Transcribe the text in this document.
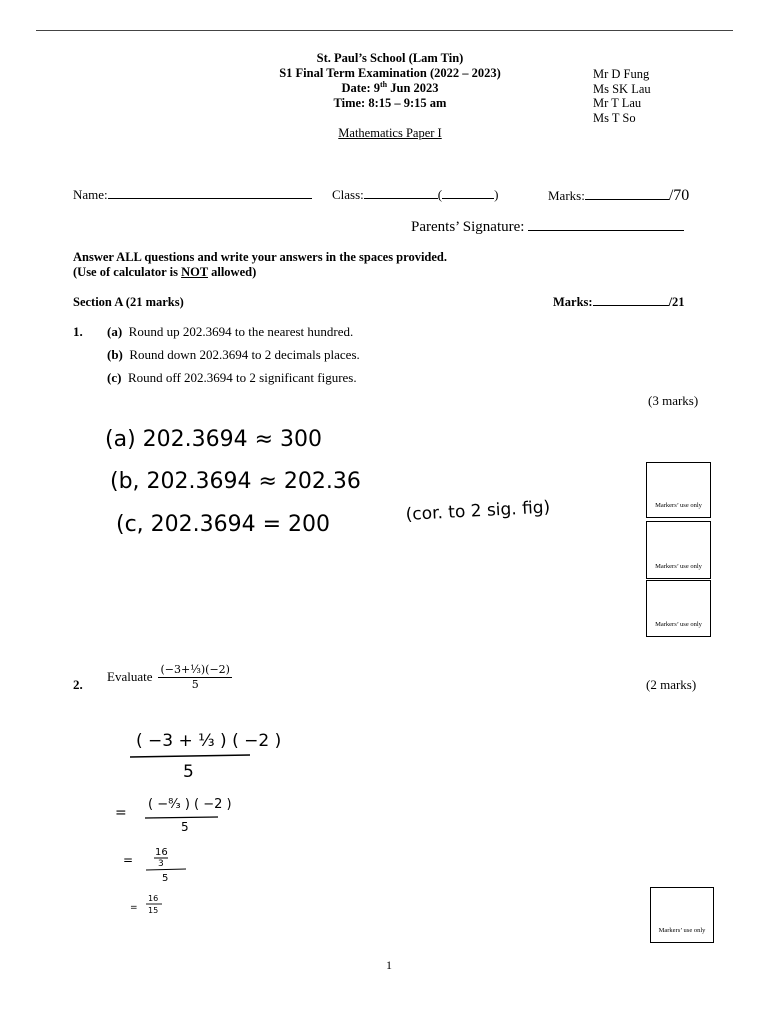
St. Paul’s School (Lam Tin)
S1 Final Term Examination (2022 – 2023)
Date: 9th Jun 2023
Time: 8:15 – 9:15 am
Mr D Fung
Ms SK Lau
Mr T Lau
Ms T So
Mathematics Paper I
Name:	Class:	(	)	Marks:	/70
Parents’ Signature:
Answer ALL questions and write your answers in the spaces provided.
(Use of calculator is NOT allowed)
Section A (21 marks)	Marks:	/21
1. (a) Round up 202.3694 to the nearest hundred.
(b) Round down 202.3694 to 2 decimals places.
(c) Round off 202.3694 to 2 significant figures.
(3 marks)
(a) 202.3694 ≈ 300
(b, 202.3694 ≈ 202.36
(c, 202.3694 = 200	(cor. to 2 sig. fig)	Markers’ use only
Markers’ use only
Markers’ use only
2.
Evaluate $\frac{\text{(−3+⅓)(−2)}}{5}$	(2 marks)
( −3 + ⅓ ) ( −2 )
5
=
( −⁸⁄₃ ) ( −2 )
5
=
16
3
5
=
16
15
Markers’ use only
1
